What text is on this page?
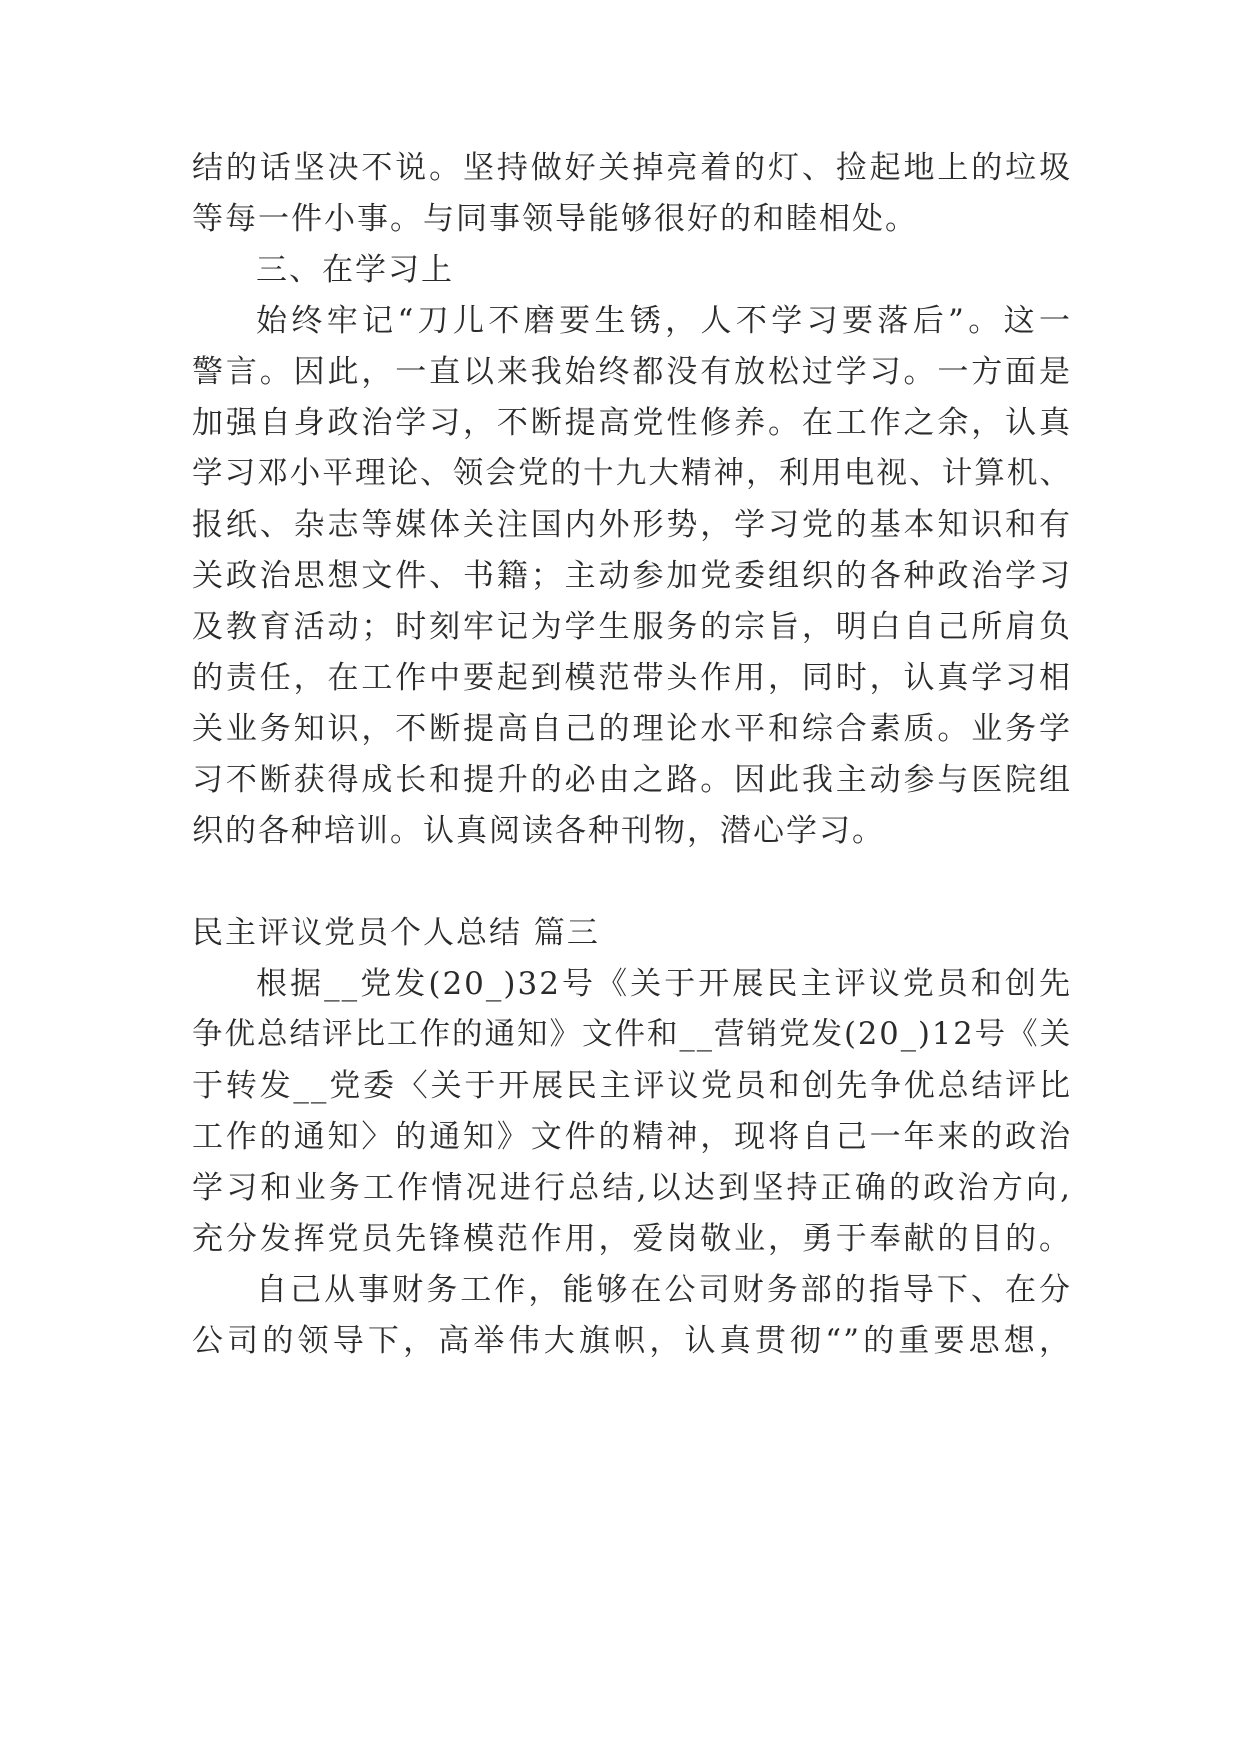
结的话坚决不说。坚持做好关掉亮着的灯、捡起地上的垃圾
等每一件小事。与同事领导能够很好的和睦相处。
三、在学习上
始终牢记“刀儿不磨要生锈，人不学习要落后”。这一
警言。因此，一直以来我始终都没有放松过学习。一方面是
加强自身政治学习，不断提高党性修养。在工作之余，认真
学习邓小平理论、领会党的十九大精神，利用电视、计算机、
报纸、杂志等媒体关注国内外形势，学习党的基本知识和有
关政治思想文件、书籍；主动参加党委组织的各种政治学习
及教育活动；时刻牢记为学生服务的宗旨，明白自己所肩负
的责任，在工作中要起到模范带头作用，同时，认真学习相
关业务知识，不断提高自己的理论水平和综合素质。业务学
习不断获得成长和提升的必由之路。因此我主动参与医院组
织的各种培训。认真阅读各种刊物，潜心学习。
民主评议党员个人总结 篇三
根据__党发(20_)32号《关于开展民主评议党员和创先
争优总结评比工作的通知》文件和__营销党发(20_)12号《关
于转发__党委〈关于开展民主评议党员和创先争优总结评比
工作的通知〉的通知》文件的精神，现将自己一年来的政治
学习和业务工作情况进行总结,以达到坚持正确的政治方向,
充分发挥党员先锋模范作用，爱岗敬业，勇于奉献的目的。
自己从事财务工作，能够在公司财务部的指导下、在分
公司的领导下，高举伟大旗帜，认真贯彻“”的重要思想，
